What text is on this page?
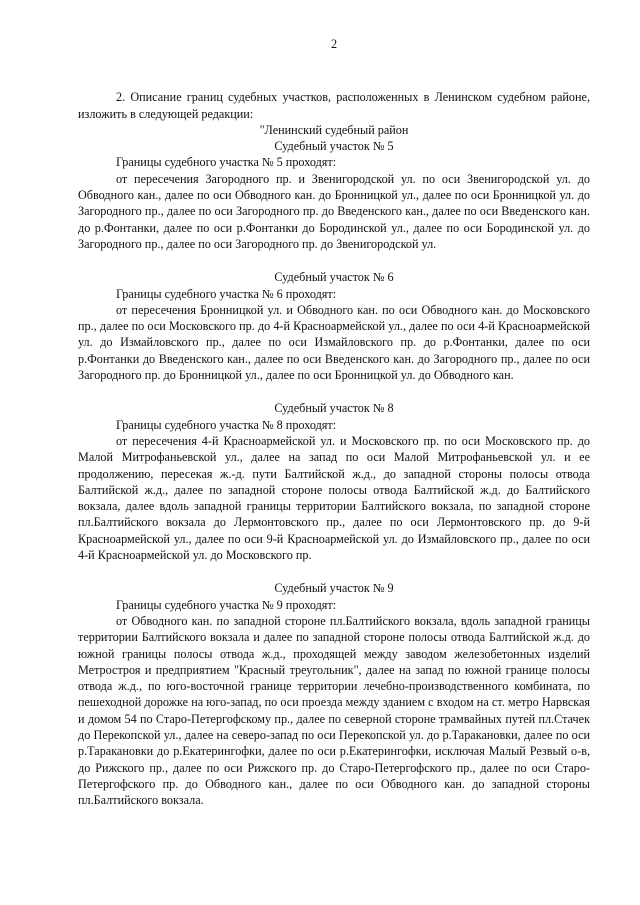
2

2. Описание границ судебных участков, расположенных в Ленинском судебном районе, изложить в следующей редакции:

"Ленинский судебный район

Судебный участок № 5

Границы судебного участка № 5 проходят:

от пересечения Загородного пр. и Звенигородской ул. по оси Звенигородской ул. до Обводного кан., далее по оси Обводного кан. до Бронницкой ул., далее по оси Бронницкой ул. до Загородного пр., далее по оси Загородного пр. до Введенского кан., далее по оси Введенского кан. до р.Фонтанки, далее по оси р.Фонтанки до Бородинской ул., далее по оси Бородинской ул. до Загородного пр., далее по оси Загородного пр. до Звенигородской ул.

Судебный участок № 6

Границы судебного участка № 6 проходят:

от пересечения Бронницкой ул. и Обводного кан. по оси Обводного кан. до Московского пр., далее по оси Московского пр. до 4-й Красноармейской ул., далее по оси 4-й Красноармейской ул. до Измайловского пр., далее по оси Измайловского пр. до р.Фонтанки, далее по оси р.Фонтанки до Введенского кан., далее по оси Введенского кан. до Загородного пр., далее по оси Загородного пр. до Бронницкой ул., далее по оси Бронницкой ул. до Обводного кан.

Судебный участок № 8

Границы судебного участка № 8 проходят:

от пересечения 4-й Красноармейской ул. и Московского пр. по оси Московского пр. до Малой Митрофаньевской ул., далее на запад по оси Малой Митрофаньевской ул. и ее продолжению, пересекая ж.-д. пути Балтийской ж.д., до западной стороны полосы отвода Балтийской ж.д., далее по западной стороне полосы отвода Балтийской ж.д. до Балтийского вокзала, далее вдоль западной границы территории Балтийского вокзала, по западной стороне пл.Балтийского вокзала до Лермонтовского пр., далее по оси Лермонтовского пр. до 9-й Красноармейской ул., далее по оси 9-й Красноармейской ул. до Измайловского пр., далее по оси 4-й Красноармейской ул. до Московского пр.

Судебный участок № 9

Границы судебного участка № 9 проходят:

от Обводного кан. по западной стороне пл.Балтийского вокзала, вдоль западной границы территории Балтийского вокзала и далее по западной стороне полосы отвода Балтийской ж.д. до южной границы полосы отвода ж.д., проходящей между заводом железобетонных изделий Метростроя и предприятием "Красный треугольник", далее на запад по южной границе полосы отвода ж.д., по юго-восточной границе территории лечебно-производственного комбината, по пешеходной дорожке на юго-запад, по оси проезда между зданием с входом на ст. метро Нарвская и домом 54 по Старо-Петергофскому пр., далее по северной стороне трамвайных путей пл.Стачек до Перекопской ул., далее на северо-запад по оси Перекопской ул. до р.Таракановки, далее по оси р.Таракановки до р.Екатерингофки, далее по оси р.Екатерингофки, исключая Малый Резвый о-в, до Рижского пр., далее по оси Рижского пр. до Старо-Петергофского пр., далее по оси Старо-Петергофского пр. до Обводного кан., далее по оси Обводного кан. до западной стороны пл.Балтийского вокзала.
